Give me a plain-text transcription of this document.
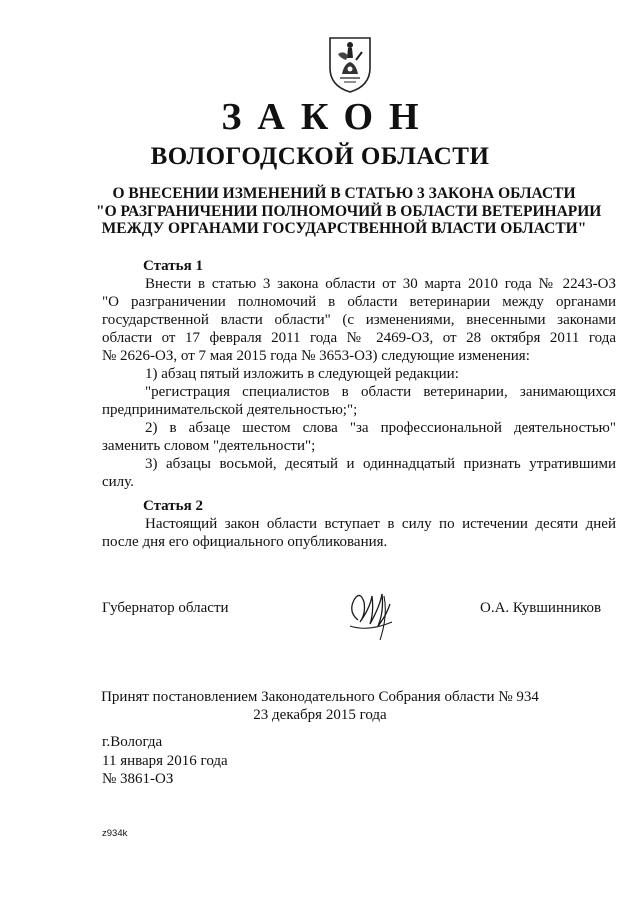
ЗАКОН
ВОЛОГОДСКОЙ ОБЛАСТИ
О ВНЕСЕНИИ ИЗМЕНЕНИЙ В СТАТЬЮ 3 ЗАКОНА ОБЛАСТИ
"О РАЗГРАНИЧЕНИИ ПОЛНОМОЧИЙ В ОБЛАСТИ ВЕТЕРИНАРИИ
МЕЖДУ ОРГАНАМИ ГОСУДАРСТВЕННОЙ ВЛАСТИ ОБЛАСТИ"
Статья 1
Внести в статью 3 закона области от 30 марта 2010 года № 2243-ОЗ
"О разграничении полномочий в области ветеринарии между органами
государственной власти области" (с изменениями, внесенными законами
области от 17 февраля 2011 года № 2469-ОЗ, от 28 октября 2011 года
№ 2626-ОЗ, от 7 мая 2015 года № 3653-ОЗ) следующие изменения:
1) абзац пятый изложить в следующей редакции:
"регистрация специалистов в области ветеринарии, занимающихся
предпринимательской деятельностью;";
2) в абзаце шестом слова "за профессиональной деятельностью"
заменить словом "деятельности";
3) абзацы восьмой, десятый и одиннадцатый признать утратившими
силу.
Статья 2
Настоящий закон области вступает в силу по истечении десяти дней
после дня его официального опубликования.
Губернатор области	О.А. Кувшинников
Принят постановлением Законодательного Собрания области № 934
23 декабря 2015 года
г.Вологда
11 января 2016 года
№ 3861-ОЗ
z934k
